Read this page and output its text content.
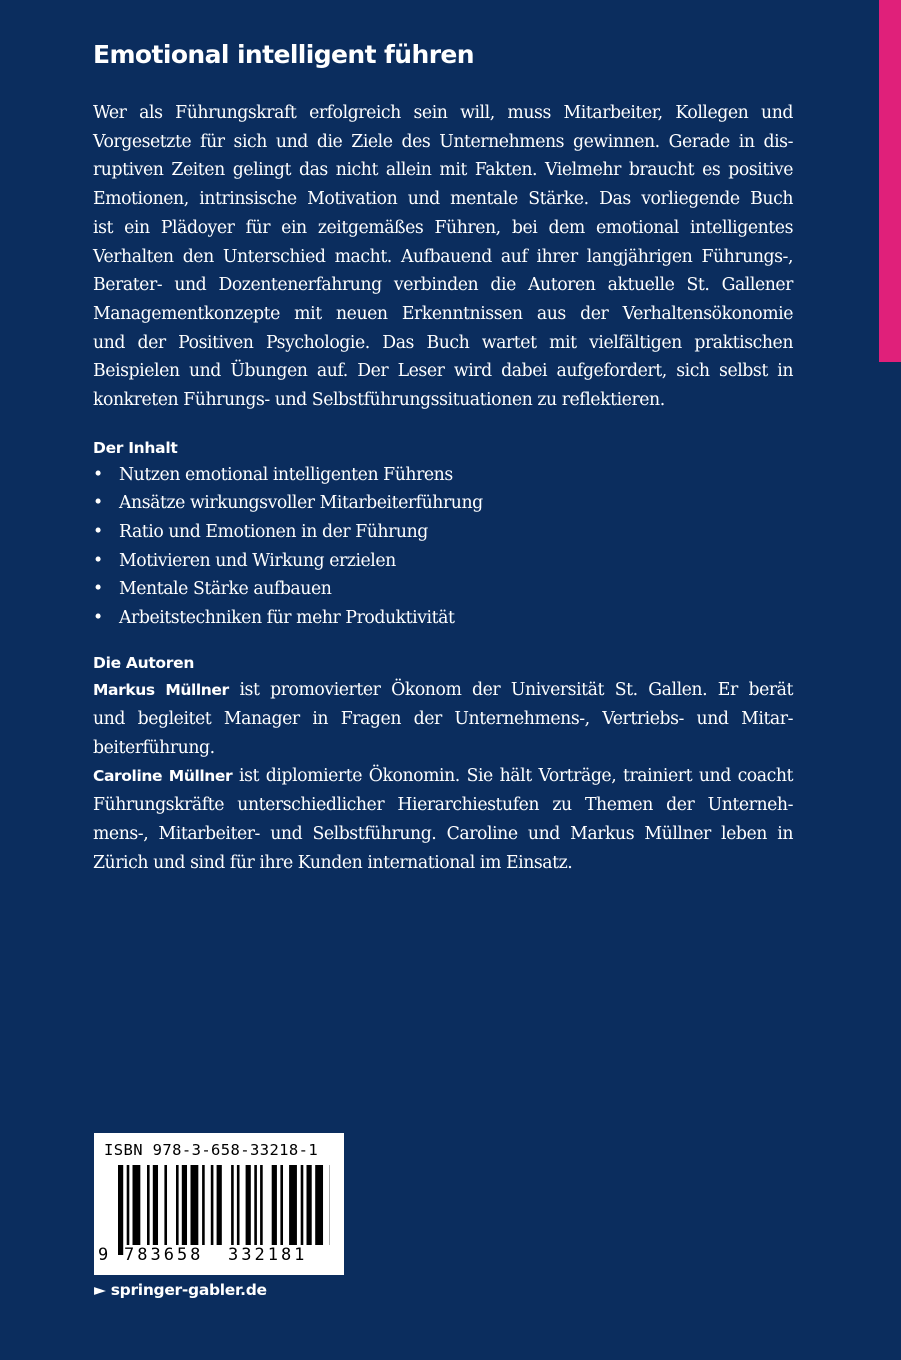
Emotional intelligent führen

Wer als Führungskraft erfolgreich sein will, muss Mitarbeiter, Kollegen und
Vorgesetzte für sich und die Ziele des Unternehmens gewinnen. Gerade in dis-
ruptiven Zeiten gelingt das nicht allein mit Fakten. Vielmehr braucht es positive
Emotionen, intrinsische Motivation und mentale Stärke. Das vorliegende Buch
ist ein Plädoyer für ein zeitgemäßes Führen, bei dem emotional intelligentes
Verhalten den Unterschied macht. Aufbauend auf ihrer langjährigen Führungs-,
Berater- und Dozentenerfahrung verbinden die Autoren aktuelle St. Gallener
Managementkonzepte mit neuen Erkenntnissen aus der Verhaltensökonomie
und der Positiven Psychologie. Das Buch wartet mit vielfältigen praktischen
Beispielen und Übungen auf. Der Leser wird dabei aufgefordert, sich selbst in
konkreten Führungs- und Selbstführungssituationen zu reflektieren.

Der Inhalt
• Nutzen emotional intelligenten Führens
• Ansätze wirkungsvoller Mitarbeiterführung
• Ratio und Emotionen in der Führung
• Motivieren und Wirkung erzielen
• Mentale Stärke aufbauen
• Arbeitstechniken für mehr Produktivität
Die Autoren

Markus Müllner ist promovierter Ökonom der Universität St. Gallen. Er berät
und begleitet Manager in Fragen der Unternehmens-, Vertriebs- und Mitar-
beiterführung.

Caroline Müllner ist diplomierte Ökonomin. Sie hält Vorträge, trainiert und coacht
Führungskräfte unterschiedlicher Hierarchiestufen zu Themen der Unterneh-
mens-, Mitarbeiter- und Selbstführung. Caroline und Markus Müllner leben in
Zürich und sind für ihre Kunden international im Einsatz.

ISBN 978-3-658-33218-1
9 783658 332181
► springer-gabler.de
